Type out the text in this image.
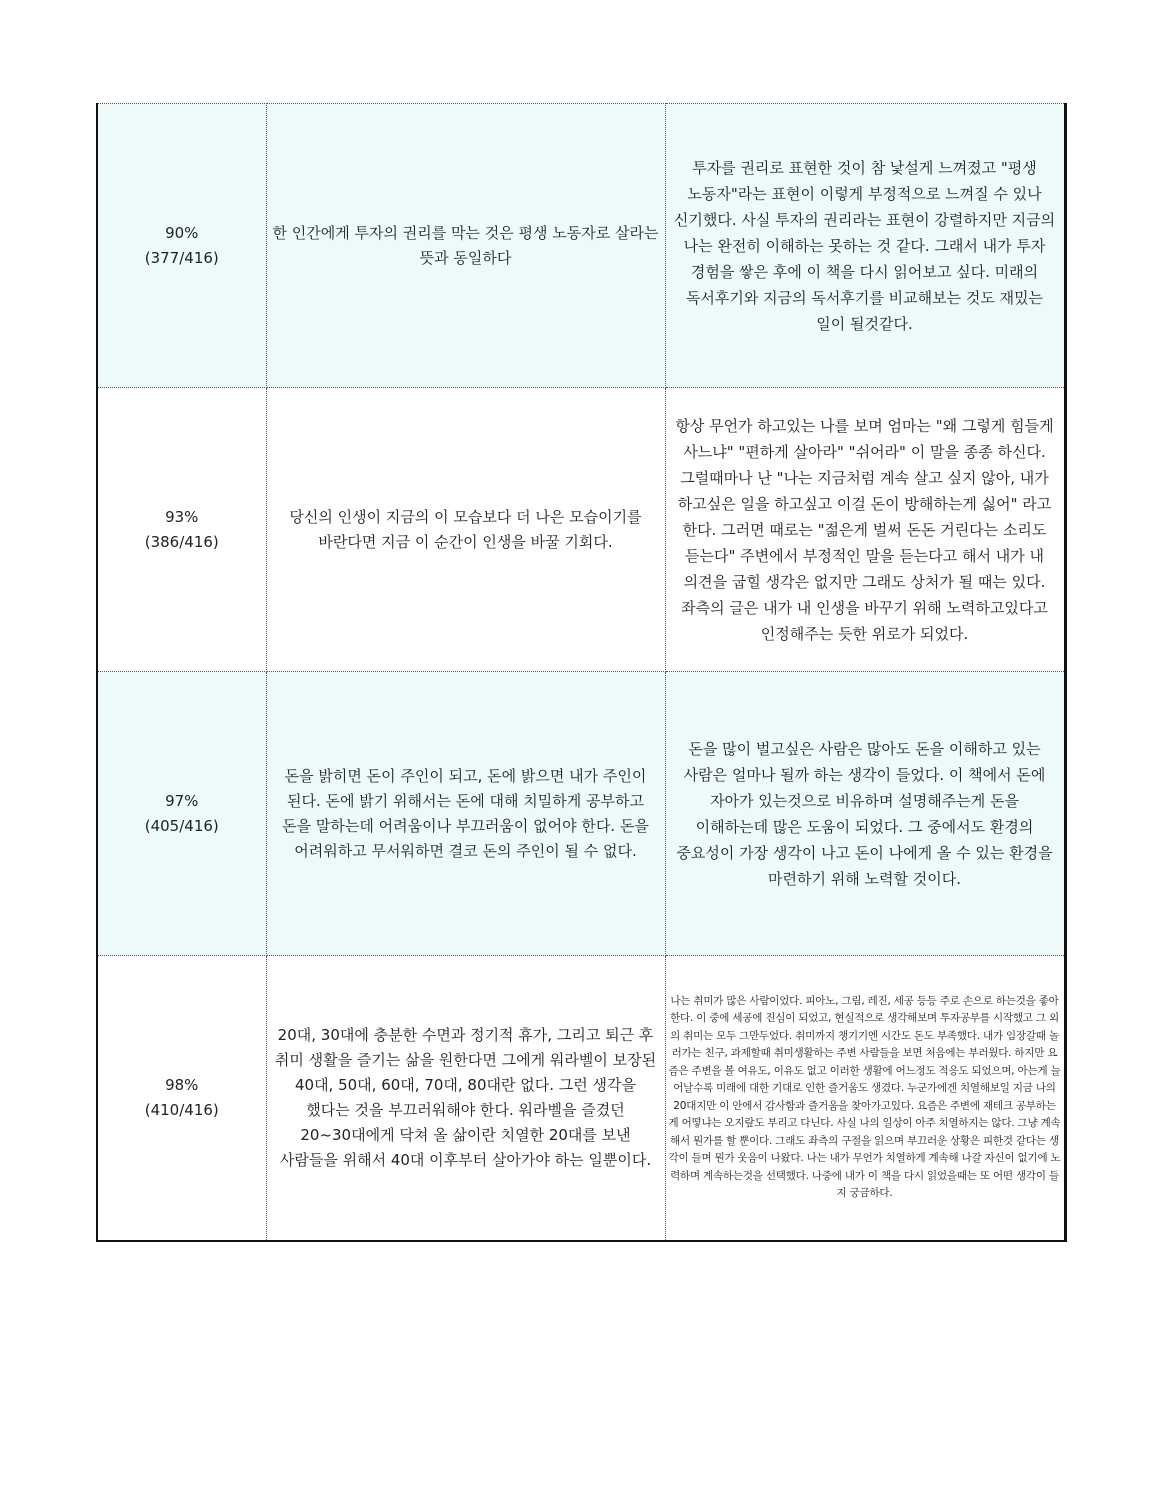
90%
(377/416)	한 인간에게 투자의 권리를 막는 것은 평생 노동자로 살라는 뜻과 동일하다	투자를 권리로 표현한 것이 참 낯설게 느껴졌고 "평생 노동자"라는 표현이 이렇게 부정적으로 느껴질 수 있나 신기했다. 사실 투자의 권리라는 표현이 강렬하지만 지금의 나는 완전히 이해하는 못하는 것 같다. 그래서 내가 투자 경험을 쌓은 후에 이 책을 다시 읽어보고 싶다. 미래의 독서후기와 지금의 독서후기를 비교해보는 것도 재밌는 일이 될것같다.

93%
(386/416)	당신의 인생이 지금의 이 모습보다 더 나은 모습이기를 바란다면 지금 이 순간이 인생을 바꿀 기회다.	항상 무언가 하고있는 나를 보며 엄마는 "왜 그렇게 힘들게 사느냐" "편하게 살아라" "쉬어라" 이 말을 종종 하신다. 그럴때마나 난 "나는 지금처럼 계속 살고 싶지 않아, 내가 하고싶은 일을 하고싶고 이걸 돈이 방해하는게 싫어" 라고 한다. 그러면 때로는 "젊은게 벌써 돈돈 거린다는 소리도 듣는다" 주변에서 부정적인 말을 듣는다고 해서 내가 내 의견을 굽힐 생각은 없지만 그래도 상처가 될 때는 있다. 좌측의 글은 내가 내 인생을 바꾸기 위해 노력하고있다고 인정해주는 듯한 위로가 되었다.

97%
(405/416)	돈을 밝히면 돈이 주인이 되고, 돈에 밝으면 내가 주인이 된다. 돈에 밝기 위해서는 돈에 대해 치밀하게 공부하고 돈을 말하는데 어려움이나 부끄러움이 없어야 한다. 돈을 어려워하고 무서워하면 결코 돈의 주인이 될 수 없다.	돈을 많이 벌고싶은 사람은 많아도 돈을 이해하고 있는 사람은 얼마나 될까 하는 생각이 들었다. 이 책에서 돈에 자아가 있는것으로 비유하며 설명해주는게 돈을 이해하는데 많은 도움이 되었다. 그 중에서도 환경의 중요성이 가장 생각이 나고 돈이 나에게 올 수 있는 환경을 마련하기 위해 노력할 것이다.

98%
(410/416)	20대, 30대에 충분한 수면과 정기적 휴가, 그리고 퇴근 후 취미 생활을 즐기는 삶을 원한다면 그에게 워라벨이 보장된 40대, 50대, 60대, 70대, 80대란 없다. 그런 생각을 했다는 것을 부끄러워해야 한다. 워라벨을 즐겼던 20~30대에게 닥쳐 올 삶이란 치열한 20대를 보낸 사람들을 위해서 40대 이후부터 살아가야 하는 일뿐이다.	나는 취미가 많은 사람이었다. 피아노, 그림, 레진, 세공 등등 주로 손으로 하는것을 좋아한다. 이 중에 세공에 진심이 되었고, 현실적으로 생각해보며 투자공부를 시작했고 그 외의 취미는 모두 그만두었다. 취미까지 챙기기엔 시간도 돈도 부족했다. 내가 임장갈때 놀러가는 친구, 과제할때 취미생활하는 주변 사람들을 보면 처음에는 부러웠다. 하지만 요즘은 주변을 볼 여유도, 이유도 없고 이러한 생활에 어느정도 적응도 되었으며, 아는게 늘어날수록 미래에 대한 기대로 인한 즐거움도 생겼다. 누군가에겐 치열해보일 지금 나의 20대지만 이 안에서 감사함과 즐거움을 찾아가고있다. 요즘은 주변에 재테크 공부하는게 어떻냐는 오지랖도 부리고 다닌다. 사실 나의 일상이 아주 치열하지는 않다. 그냥 계속해서 뭔가를 할 뿐이다. 그래도 좌측의 구절을 읽으며 부끄러운 상황은 피한것 같다는 생각이 들며 뭔가 웃음이 나왔다. 나는 내가 무언가 치열하게 계속해 나갈 자신이 없기에 노력하며 계속하는것을 선택했다. 나중에 내가 이 책을 다시 읽었을때는 또 어떤 생각이 들지 궁금하다.
